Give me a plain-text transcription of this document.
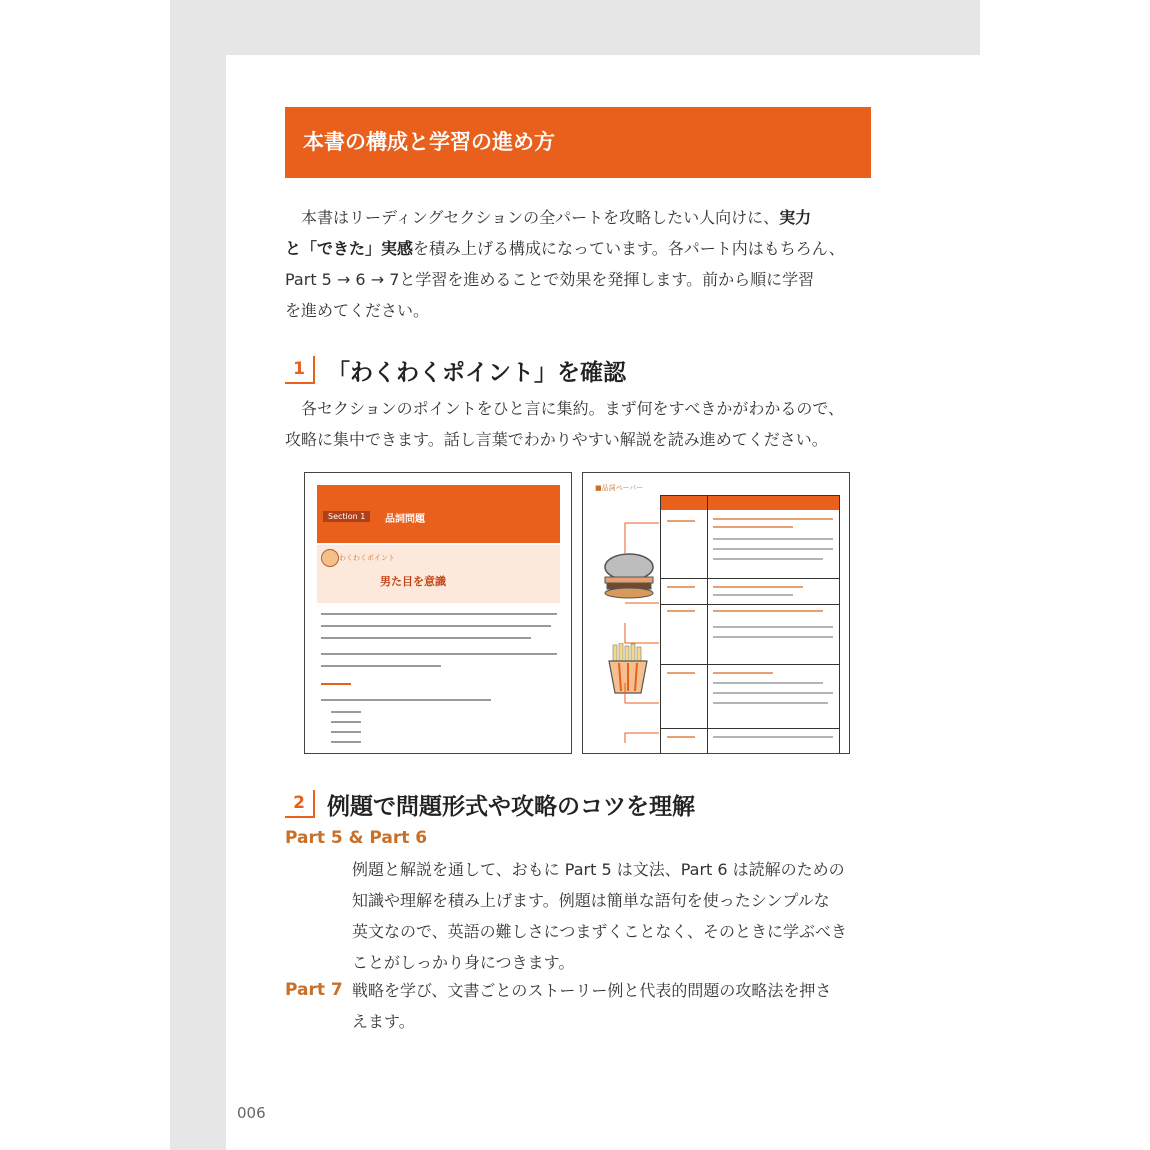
本書の構成と学習の進め方
　本書はリーディングセクションの全パートを攻略したい人向けに、実力
と「できた」実感を積み上げる構成になっています。各パート内はもちろん、
Part 5 → 6 → 7と学習を進めることで効果を発揮します。前から順に学習
を進めてください。
1 「わくわくポイント」を確認
　各セクションのポイントをひと言に集約。まず何をすべきかがわかるので、
攻略に集中できます。話し言葉でわかりやすい解説を読み進めてください。
Section 1	品詞問題
わくわくポイント
男た目を意識
■品詞ペーパー
2 例題で問題形式や攻略のコツを理解
Part 5 & Part 6
例題と解説を通して、おもに Part 5 は文法、Part 6 は読解のための
知識や理解を積み上げます。例題は簡単な語句を使ったシンプルな
英文なので、英語の難しさにつまずくことなく、そのときに学ぶべき
ことがしっかり身につきます。
Part 7 戦略を学び、文書ごとのストーリー例と代表的問題の攻略法を押さ
えます。
006
